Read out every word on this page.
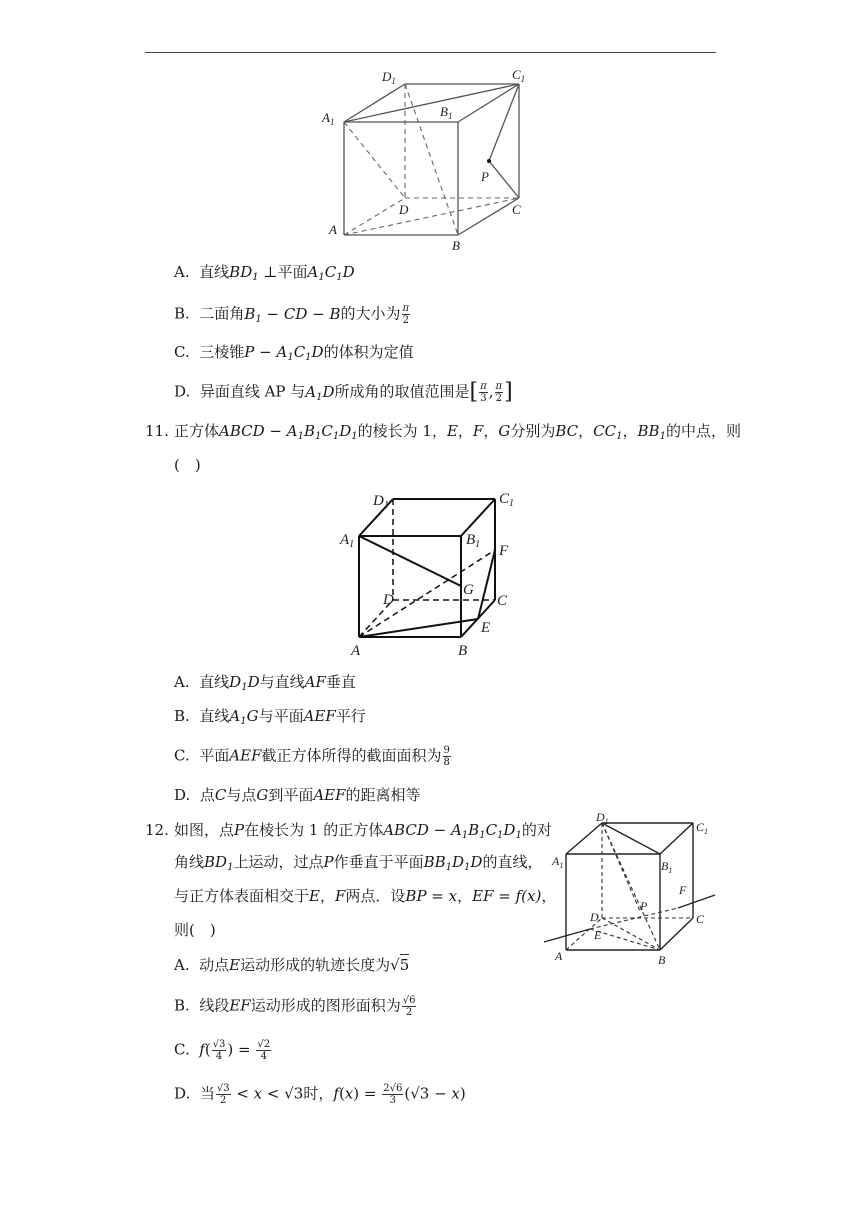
$D_1$	$C_1$
$A_1$
$B_1$
P
D	C
A
B
A. 直线$BD_1$ ⊥平面$A_1C_1D$
B. 二面角$B_1$ − CD − B的大小为 $\frac{\pi}{2}$
C. 三棱锥$P - A_1C_1D$的体积为定值
D. 异面直线 AP 与$A_1D$所成角的取值范围是[ $\frac{\pi}{3}$ , $\frac{\pi}{2}$ ]
11. 正方体ABCD − $A_1B_1C_1D_1$的棱长为 1，E，F，G分别为BC，$CC_1$，$BB_1$的中点，则
(　)
$D_1$	$C_1$
$A_1$	$B_1$ F
G
D	C
E
A	B
A. 直线$D_1D$与直线AF垂直
B. 直线$A_1G$与平面AEF平行
C. 平面AEF截正方体所得的截面面积为 $\frac{9}{8}$
D. 点C与点G到平面AEF的距离相等
12. 如图，点P在棱长为 1 的正方体ABCD − $A_1B_1C_1D_1$的对
角线$BD_1$上运动，过点P作垂直于平面$BB_1D_1D$的直线，
与正方体表面相交于E，F两点．设BP = x，EF = f(x)，
则(　)
$D_1$	$C_1$
$A_1$	$B_1$
F
P
D	C
E
A	B
A. 动点E运动形成的轨迹长度为√5
B. 线段EF运动形成的图形面积为 $\frac{√6}{2}$
C. $f( \frac{√3}{4}$ ) = $\frac{√2}{4}$
D. 当 $\frac{√3}{2} < x < √3$时，$f(x) = \frac{2√6}{3} (√3 - x)$
